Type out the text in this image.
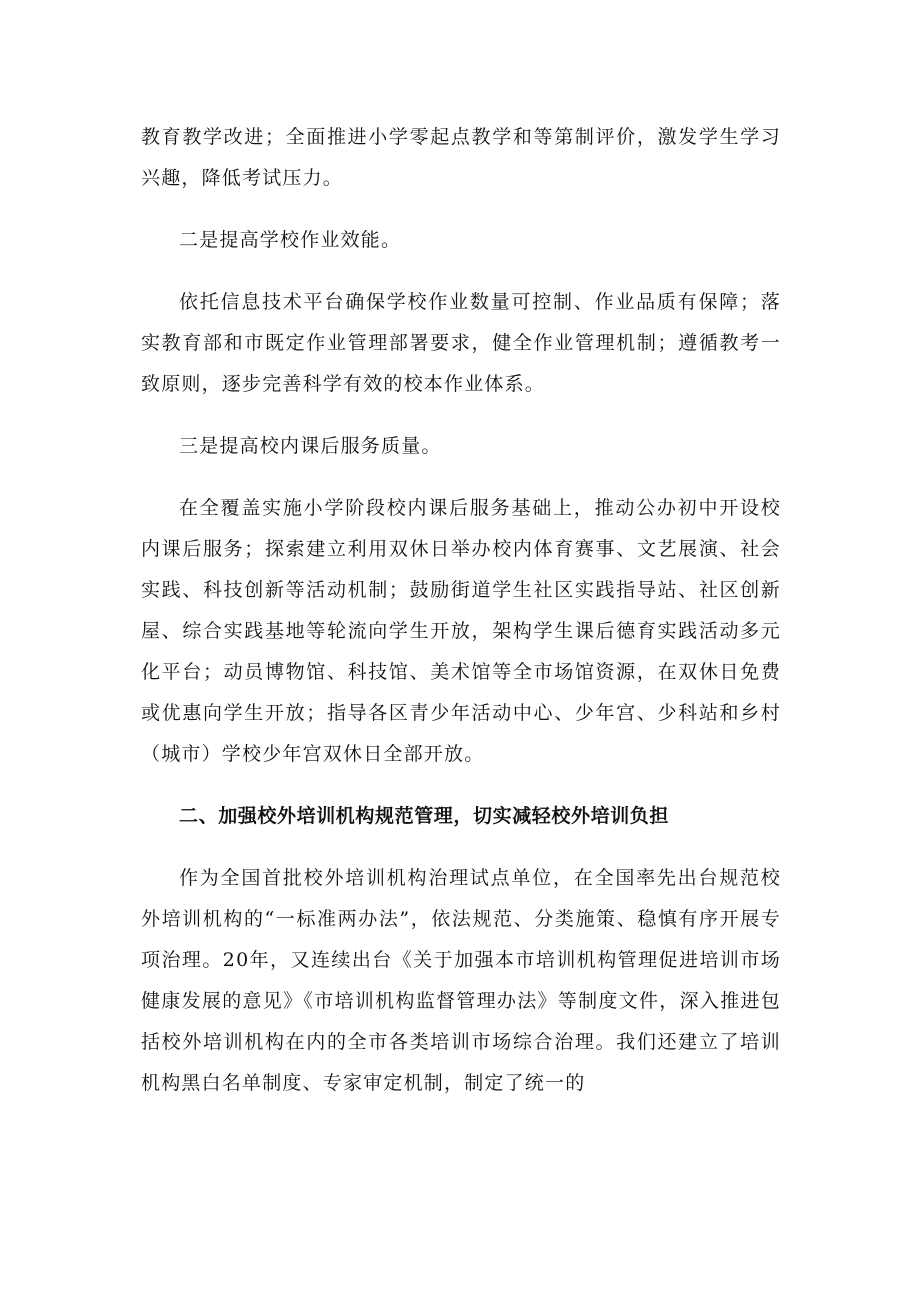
教育教学改进；全面推进小学零起点教学和等第制评价，激发学生学习兴趣，降低考试压力。

二是提高学校作业效能。

依托信息技术平台确保学校作业数量可控制、作业品质有保障；落实教育部和市既定作业管理部署要求，健全作业管理机制；遵循教考一致原则，逐步完善科学有效的校本作业体系。

三是提高校内课后服务质量。

在全覆盖实施小学阶段校内课后服务基础上，推动公办初中开设校内课后服务；探索建立利用双休日举办校内体育赛事、文艺展演、社会实践、科技创新等活动机制；鼓励街道学生社区实践指导站、社区创新屋、综合实践基地等轮流向学生开放，架构学生课后德育实践活动多元化平台；动员博物馆、科技馆、美术馆等全市场馆资源，在双休日免费或优惠向学生开放；指导各区青少年活动中心、少年宫、少科站和乡村（城市）学校少年宫双休日全部开放。

二、加强校外培训机构规范管理，切实减轻校外培训负担

作为全国首批校外培训机构治理试点单位，在全国率先出台规范校外培训机构的“一标准两办法”，依法规范、分类施策、稳慎有序开展专项治理。20年，又连续出台《关于加强本市培训机构管理促进培训市场健康发展的意见》《市培训机构监督管理办法》等制度文件，深入推进包括校外培训机构在内的全市各类培训市场综合治理。我们还建立了培训机构黑白名单制度、专家审定机制，制定了统一的
